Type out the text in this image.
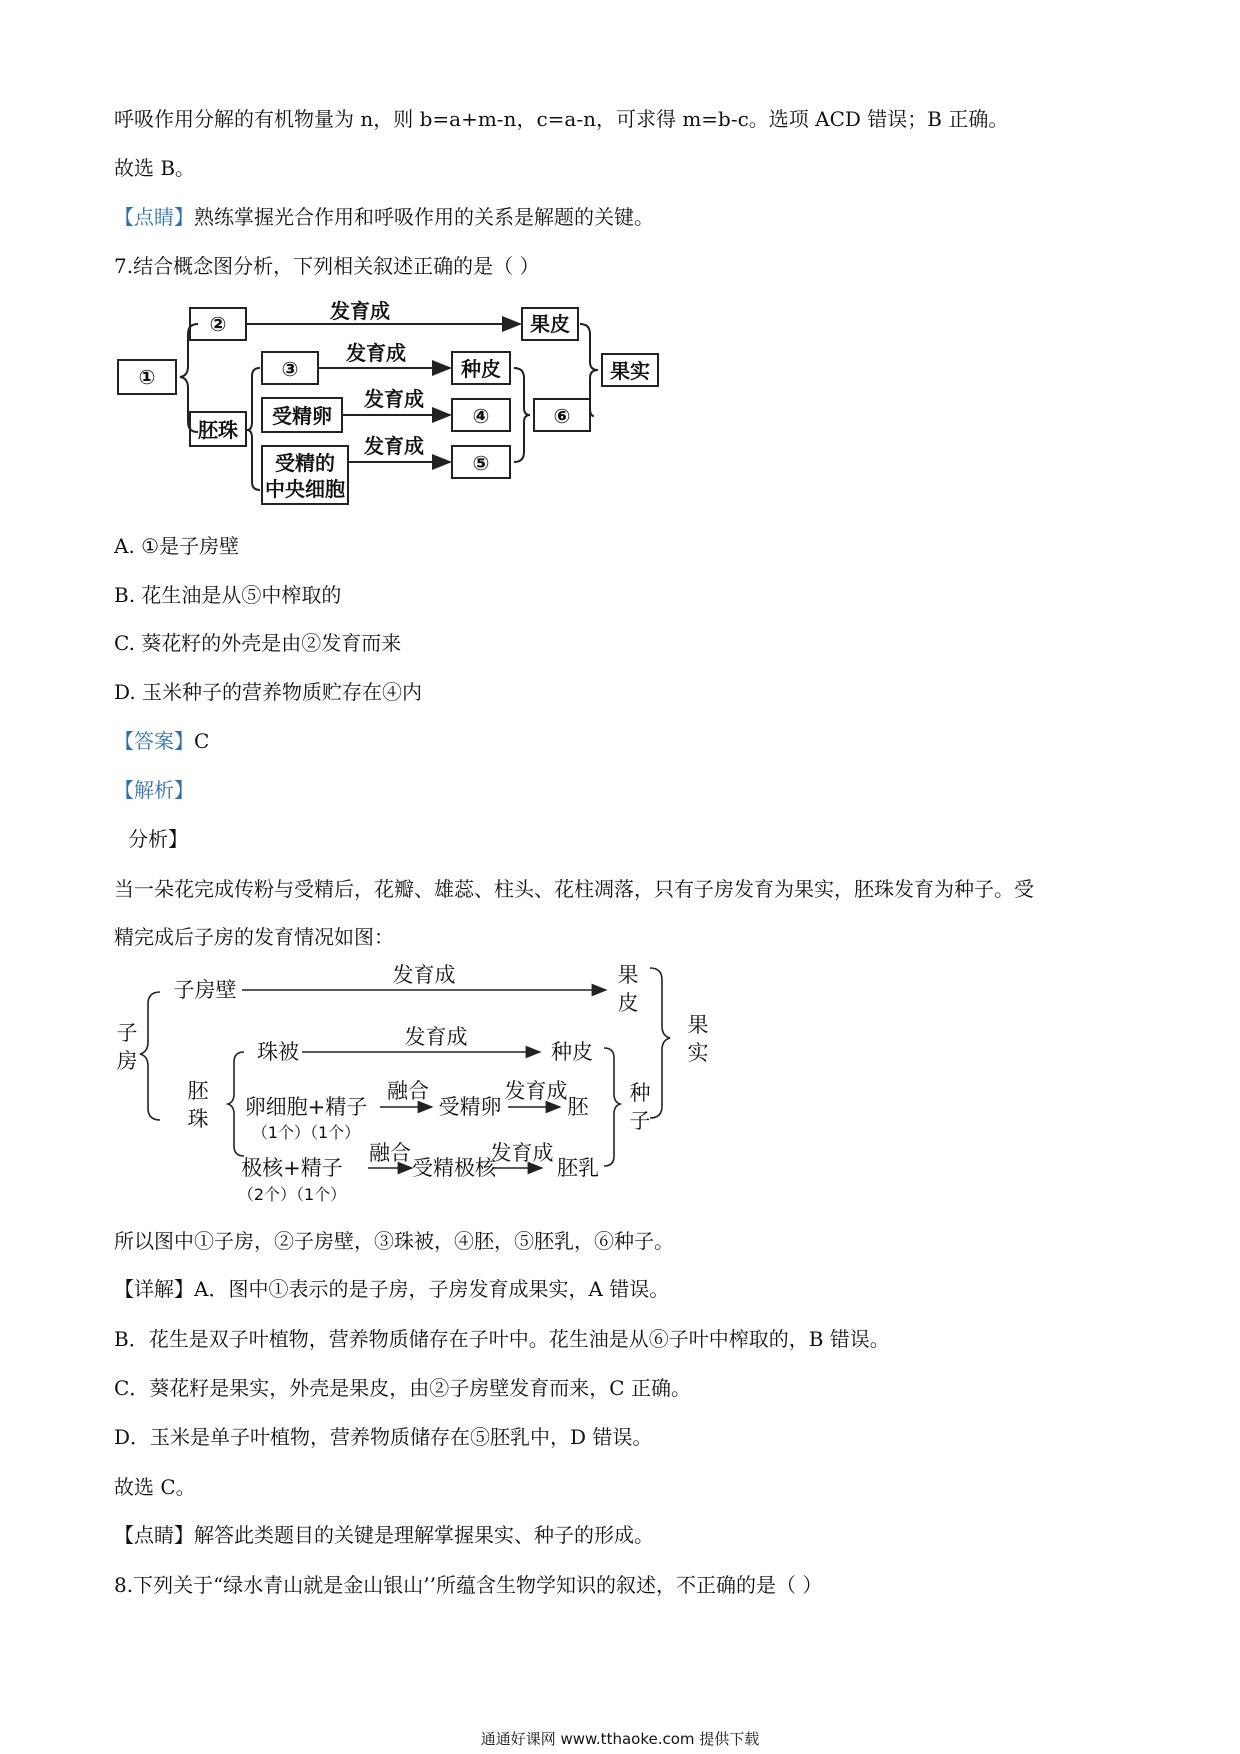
呼吸作用分解的有机物量为 n，则 b=a+m-n，c=a-n，可求得 m=b-c。选项 ACD 错误；B 正确。
故选 B。
【点睛】熟练掌握光合作用和呼吸作用的关系是解题的关键。
7.结合概念图分析，下列相关叙述正确的是（ ）
①
②
发育成
果皮
胚珠
③
发育成
种皮
受精卵
发育成
④
受精的
中央细胞
发育成
⑤
⑥
果实
A. ①是子房壁
B. 花生油是从⑤中榨取的
C. 葵花籽的外壳是由②发育而来
D. 玉米种子的营养物质贮存在④内
【答案】C
【解析】
分析】
当一朵花完成传粉与受精后，花瓣、雄蕊、柱头、花柱凋落，只有子房发育为果实，胚珠发育为种子。受
精完成后子房的发育情况如图：
子
房
子房壁
发育成	果
皮
果
实
胚
珠
珠被
发育成
种皮
卵细胞+精子
（1个）（1个）
融合
受精卵
发育成
胚
极核+精子
（2个）（1个）
融合
受精极核
发育成
胚乳
种
子
所以图中①子房，②子房壁，③珠被，④胚，⑤胚乳，⑥种子。
【详解】A．图中①表示的是子房，子房发育成果实，A 错误。
B．花生是双子叶植物，营养物质储存在子叶中。花生油是从⑥子叶中榨取的，B 错误。
C．葵花籽是果实，外壳是果皮，由②子房壁发育而来，C 正确。
D．玉米是单子叶植物，营养物质储存在⑤胚乳中，D 错误。
故选 C。
【点睛】解答此类题目的关键是理解掌握果实、种子的形成。
8.下列关于“绿水青山就是金山银山’’所蕴含生物学知识的叙述，不正确的是（ ）
通通好课网 www.tthaoke.com 提供下载
